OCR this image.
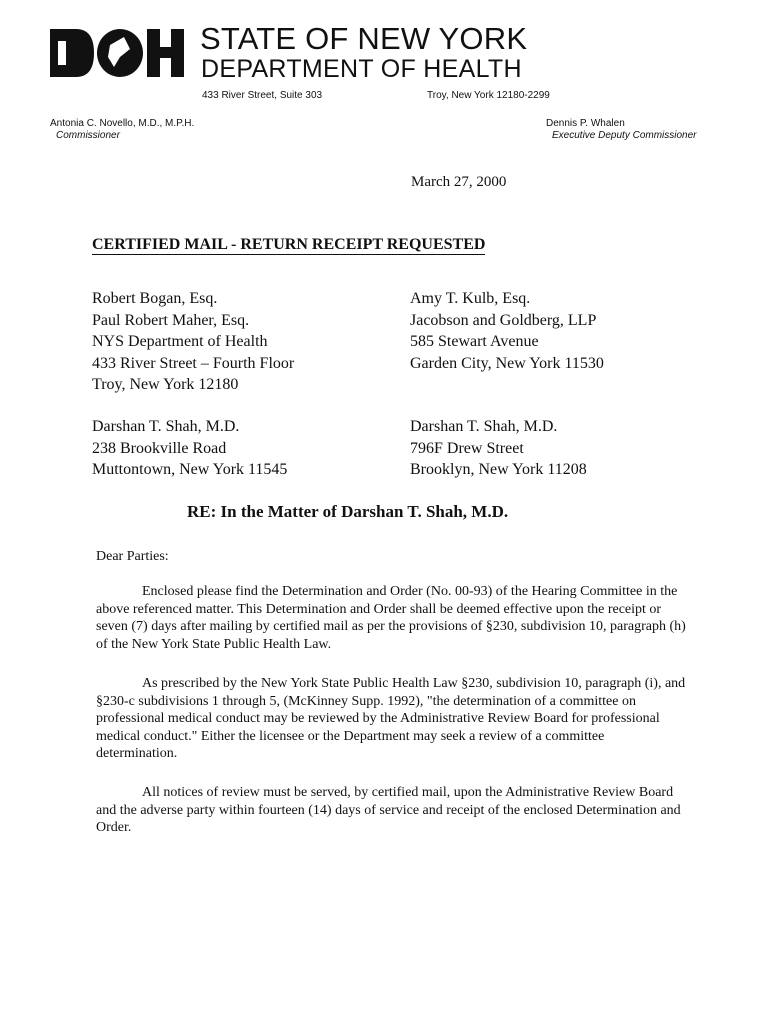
STATE OF NEW YORK
DEPARTMENT OF HEALTH
433 River Street, Suite 303	Troy, New York 12180-2299
Antonia C. Novello, M.D., M.P.H.
Commissioner
Dennis P. Whalen
Executive Deputy Commissioner
March 27, 2000
CERTIFIED MAIL - RETURN RECEIPT REQUESTED
Robert Bogan, Esq.
Paul Robert Maher, Esq.
NYS Department of Health
433 River Street – Fourth Floor
Troy, New York 12180
Amy T. Kulb, Esq.
Jacobson and Goldberg, LLP
585 Stewart Avenue
Garden City, New York 11530
Darshan T. Shah, M.D.
238 Brookville Road
Muttontown, New York 11545
Darshan T. Shah, M.D.
796F Drew Street
Brooklyn, New York 11208
RE: In the Matter of Darshan T. Shah, M.D.
Dear Parties:
Enclosed please find the Determination and Order (No. 00-93) of the Hearing Committee in the above referenced matter. This Determination and Order shall be deemed effective upon the receipt or seven (7) days after mailing by certified mail as per the provisions of §230, subdivision 10, paragraph (h) of the New York State Public Health Law.
As prescribed by the New York State Public Health Law §230, subdivision 10, paragraph (i), and §230-c subdivisions 1 through 5, (McKinney Supp. 1992), "the determination of a committee on professional medical conduct may be reviewed by the Administrative Review Board for professional medical conduct." Either the licensee or the Department may seek a review of a committee determination.
All notices of review must be served, by certified mail, upon the Administrative Review Board and the adverse party within fourteen (14) days of service and receipt of the enclosed Determination and Order.
